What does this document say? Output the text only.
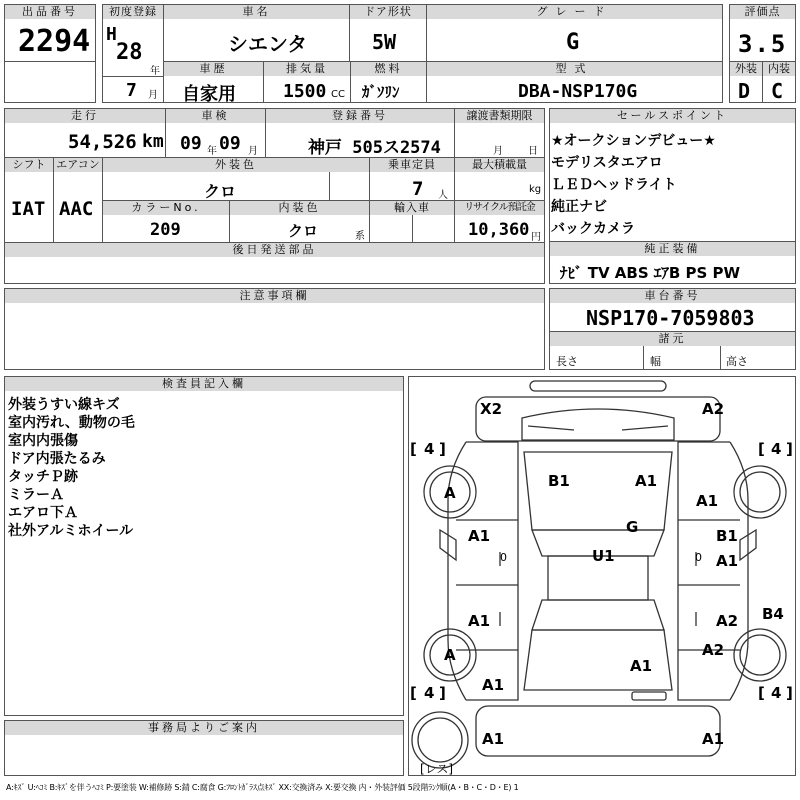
出品番号
2294
初度登録
H
28
年
7 月
車名
シエンタ
ドア形状
5W
グレード
G
評価点
3.5
車歴
自家用
排気量
1500 CC
燃料
ｶﾞｿﾘﾝ
型式
DBA-NSP170G
外装
D
内装
C
走行
54,526 km
車検
09 年 09 月
登録番号
神戸 505ス2574
譲渡書類期限
月	日
シフト
IAT
エアコン
AAC
外装色
クロ
乗車定員
7 人
最大積載量
kg
カラーNo.
209
内装色
クロ	系
輸入車	リサイクル預託金
10,360 円
後日発送部品
セールスポイント
★オークションデビュー★
モデリスタエアロ
ＬＥＤヘッドライト
純正ナビ
バックカメラ
純正装備
ﾅﾋﾞ TV ABS ｴｱB PS PW
注意事項欄	車台番号
NSP170-7059803
諸元
長さ	幅	高さ
検査員記入欄
外装うすい線キズ
室内汚れ、動物の毛
室内内張傷
ドア内張たるみ
タッチＰ跡
ミラーＡ
エアロ下Ａ
社外アルミホイール
事務局よりご案内
[ 4 ]	[ 4 ]
[ 4 ]	[ 4 ]
[レス]
X2	A2
B1	A1
A	A1
A1	G	B1
A1
U1
0	0
A1	A2 B4
A	A2
A1
A1
A1	A1
A:ｷｽﾞ U:ﾍｺﾐ B:ｷｽﾞを伴うﾍｺﾐ P:要塗装 W:補修跡 S:錆 C:腐食 G:ﾌﾛﾝﾄｶﾞﾗｽ点ｷｽﾞ XX:交換済み X:要交換 内・外装評価 5段階ﾗﾝｸ順(A・B・C・D・E) 1
